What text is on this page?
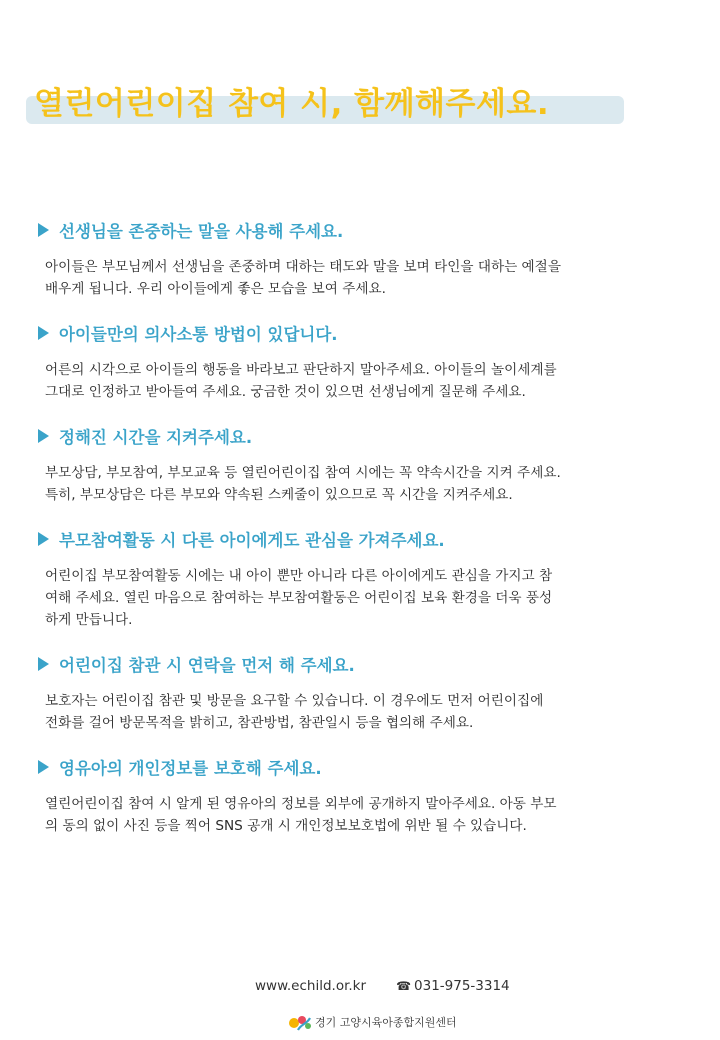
열린어린이집 참여 시, 함께해주세요.
선생님을 존중하는 말을 사용해 주세요.
아이들은 부모님께서 선생님을 존중하며 대하는 태도와 말을 보며 타인을 대하는 예절을
배우게 됩니다. 우리 아이들에게 좋은 모습을 보여 주세요.
아이들만의 의사소통 방법이 있답니다.
어른의 시각으로 아이들의 행동을 바라보고 판단하지 말아주세요. 아이들의 놀이세계를
그대로 인정하고 받아들여 주세요. 궁금한 것이 있으면 선생님에게 질문해 주세요.
정해진 시간을 지켜주세요.
부모상담, 부모참여, 부모교육 등 열린어린이집 참여 시에는 꼭 약속시간을 지켜 주세요.
특히, 부모상담은 다른 부모와 약속된 스케줄이 있으므로 꼭 시간을 지켜주세요.
부모참여활동 시 다른 아이에게도 관심을 가져주세요.
어린이집 부모참여활동 시에는 내 아이 뿐만 아니라 다른 아이에게도 관심을 가지고 참
여해 주세요. 열린 마음으로 참여하는 부모참여활동은 어린이집 보육 환경을 더욱 풍성
하게 만듭니다.
어린이집 참관 시 연락을 먼저 해 주세요.
보호자는 어린이집 참관 및 방문을 요구할 수 있습니다. 이 경우에도 먼저 어린이집에
전화를 걸어 방문목적을 밝히고, 참관방법, 참관일시 등을 협의해 주세요.
영유아의 개인정보를 보호해 주세요.
열린어린이집 참여 시 알게 된 영유아의 정보를 외부에 공개하지 말아주세요. 아동 부모
의 동의 없이 사진 등을 찍어 SNS 공개 시 개인정보보호법에 위반 될 수 있습니다.
www.echild.or.kr	☎ 031-975-3314
경기 고양시육아종합지원센터
